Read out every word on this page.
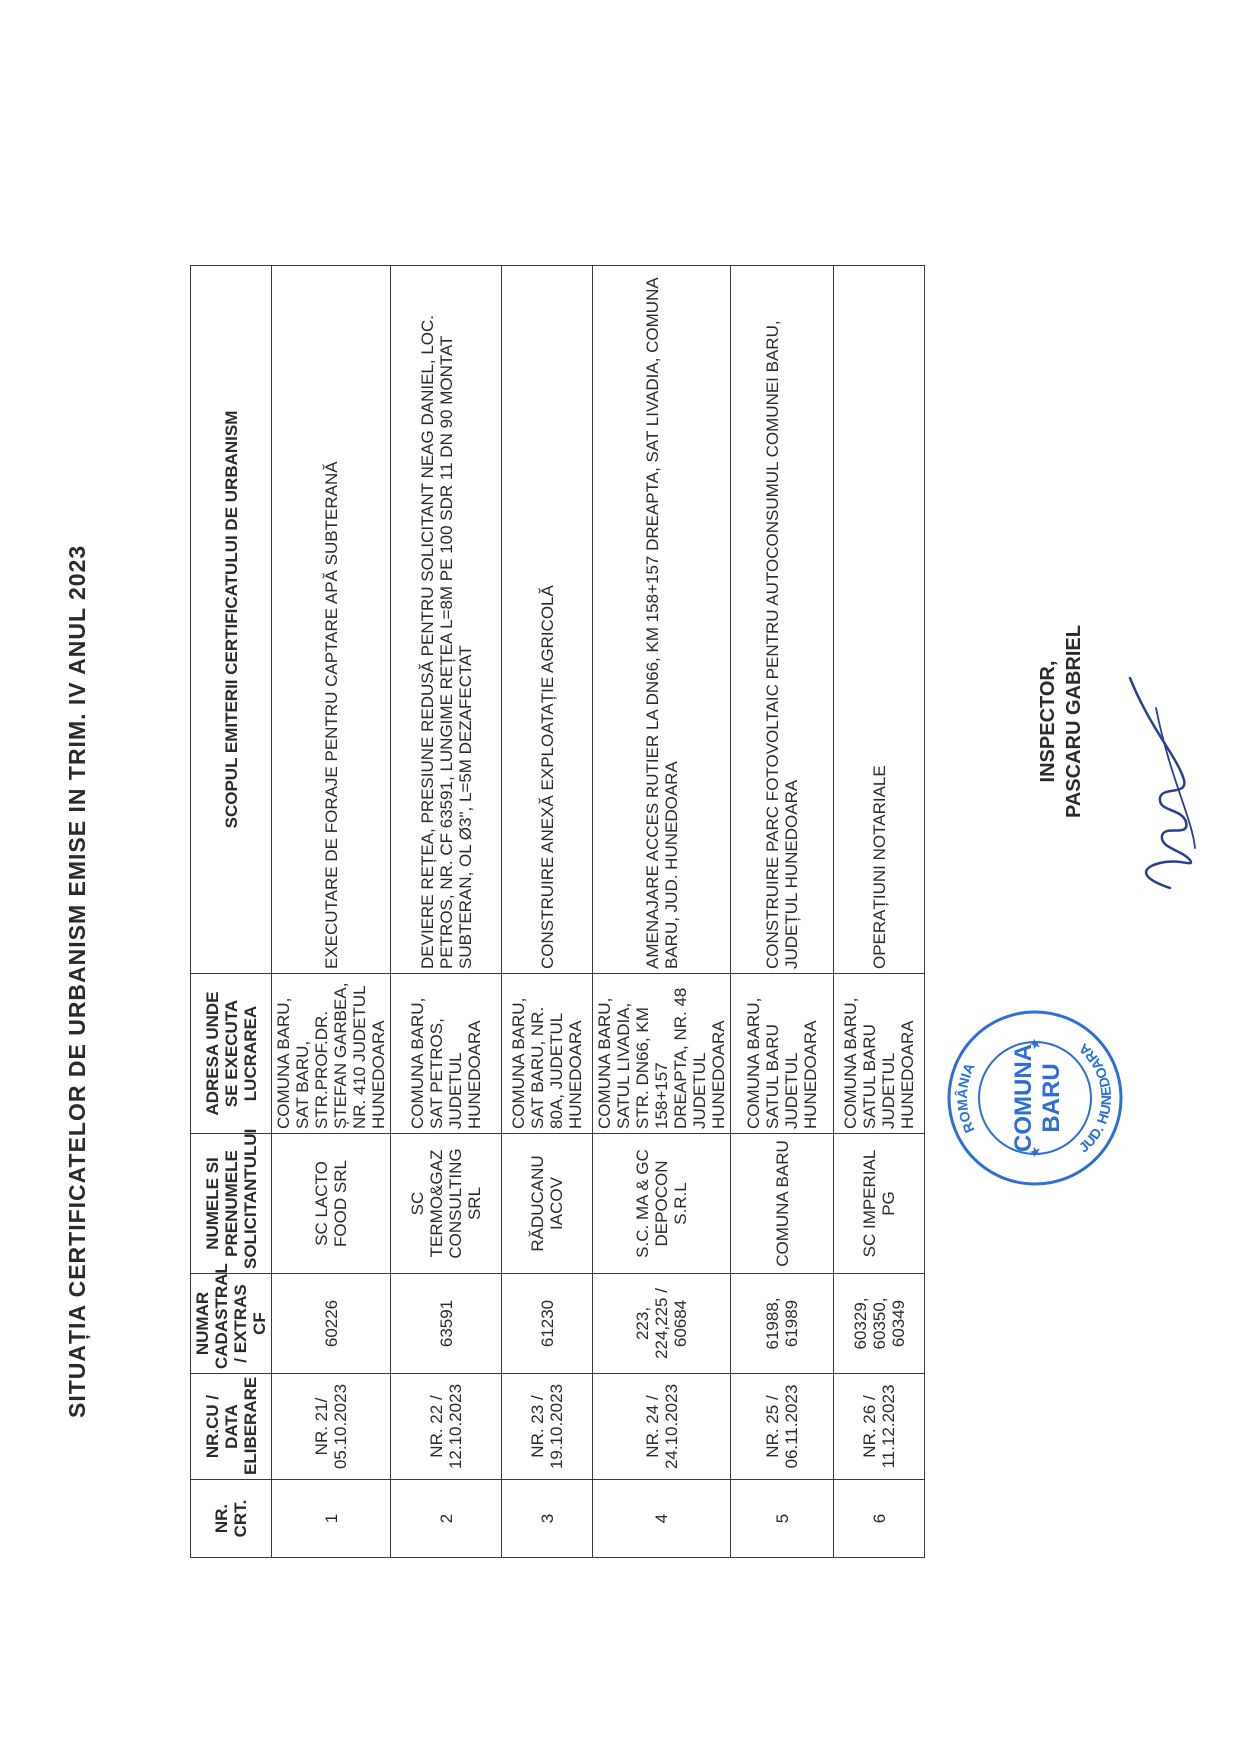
SITUAȚIA CERTIFICATELOR DE URBANISM EMISE IN TRIM. IV ANUL 2023
NR. CRT.	NR.CU / DATA ELIBERARE	NUMAR CADASTRAL / EXTRAS CF	NUMELE SI PRENUMELE SOLICITANTULUI	ADRESA UNDE SE EXECUTA LUCRAREA	SCOPUL EMITERII CERTIFICATULUI DE URBANISM
1	NR. 21/ 05.10.2023	60226	SC LACTO FOOD SRL	COMUNA BARU, SAT BARU, STR.PROF.DR. ȘTEFAN GARBEA, NR. 410 JUDETUL HUNEDOARA	EXECUTARE DE FORAJE PENTRU CAPTARE APĂ SUBTERANĂ
2	NR. 22 / 12.10.2023	63591	SC TERMO&GAZ CONSULTING SRL	COMUNA BARU, SAT PETROS, JUDETUL HUNEDOARA	DEVIERE REȚEA, PRESIUNE REDUSĂ PENTRU SOLICITANT NEAG DANIEL, LOC. PETROS, NR. CF 63591, LUNGIME REȚEA L=8M PE 100 SDR 11 DN 90 MONTAT SUBTERAN, OL Ø3", L=5M DEZAFECTAT
3	NR. 23 / 19.10.2023	61230	RĂDUCANU IACOV	COMUNA BARU, SAT BARU, NR. 80A, JUDETUL HUNEDOARA	CONSTRUIRE ANEXĂ EXPLOATAȚIE AGRICOLĂ
4	NR. 24 / 24.10.2023	223, 224,225 / 60684	S.C. MA & GC DEPOCON S.R.L	COMUNA BARU, SATUL LIVADIA, STR. DN66, KM 158+157 DREAPTA, NR. 48 JUDETUL HUNEDOARA	AMENAJARE ACCES RUTIER LA DN66, KM 158+157 DREAPTA, SAT LIVADIA, COMUNA BARU, JUD. HUNEDOARA
5	NR. 25 / 06.11.2023	61988, 61989	COMUNA BARU	COMUNA BARU, SATUL BARU JUDETUL HUNEDOARA	CONSTRUIRE PARC FOTOVOLTAIC PENTRU AUTOCONSUMUL COMUNEI BARU, JUDEȚUL HUNEDOARA
6	NR. 26 / 11.12.2023	60329, 60350, 60349	SC IMPERIAL PG	COMUNA BARU, SATUL BARU JUDETUL HUNEDOARA	OPERAȚIUNI NOTARIALE
ROMÂNIA
JUD. HUNEDOARA
COMUNA BARU
★
★
INSPECTOR, PASCARU GABRIEL
